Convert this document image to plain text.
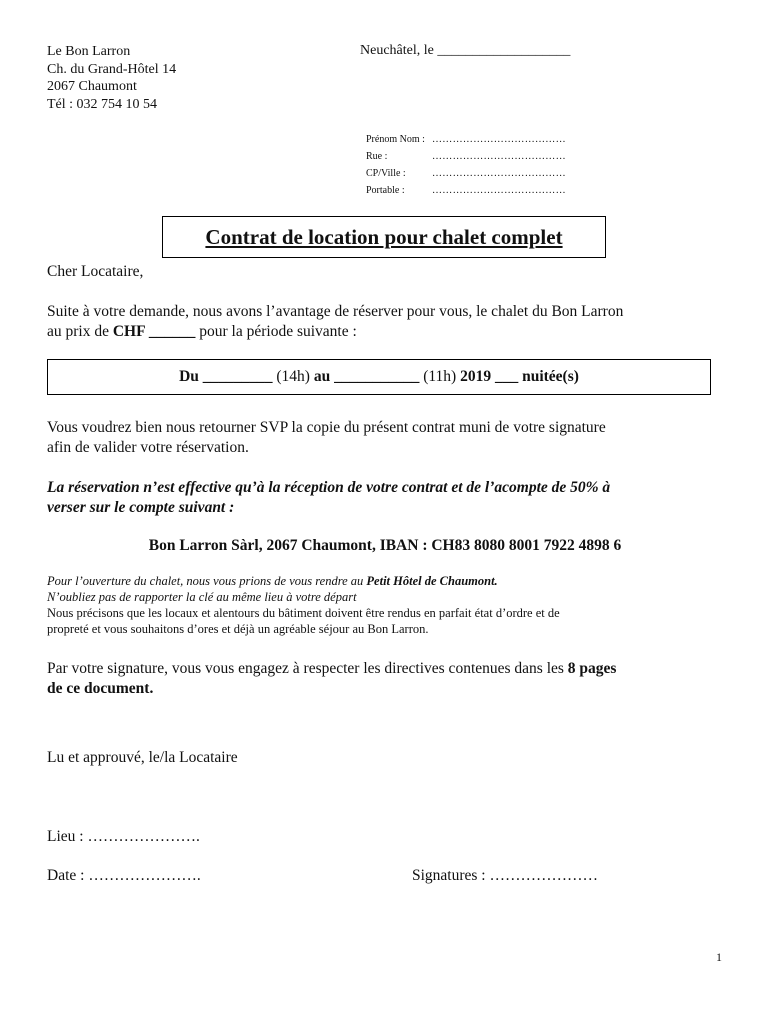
Le Bon Larron
Ch. du Grand-Hôtel 14
2067 Chaumont
Tél : 032 754 10 54
Neuchâtel, le ___________________
Prénom Nom : …………………………………
Rue :	…………………………………
CP/Ville :	…………………………………
Portable :	…………………………………
Contrat de location pour chalet complet
Cher Locataire,
Suite à votre demande, nous avons l’avantage de réserver pour vous, le chalet du Bon Larron
au prix de CHF ______ pour la période suivante :
Du _________ (14h) au ___________ (11h) 2019 ___ nuitée(s)
Vous voudrez bien nous retourner SVP la copie du présent contrat muni de votre signature
afin de valider votre réservation.
La réservation n’est effective qu’à la réception de votre contrat et de l’acompte de 50% à
verser sur le compte suivant :
Bon Larron Sàrl, 2067 Chaumont, IBAN : CH83 8080 8001 7922 4898 6
Pour l’ouverture du chalet, nous vous prions de vous rendre au Petit Hôtel de Chaumont.
N’oubliez pas de rapporter la clé au même lieu à votre départ
Nous précisons que les locaux et alentours du bâtiment doivent être rendus en parfait état d’ordre et de
propreté et vous souhaitons d’ores et déjà un agréable séjour au Bon Larron.
Par votre signature, vous vous engagez à respecter les directives contenues dans les 8 pages
de ce document.
Lu et approuvé, le/la Locataire
Lieu : ………………….
Date : ………………….	Signatures : …………………
1
